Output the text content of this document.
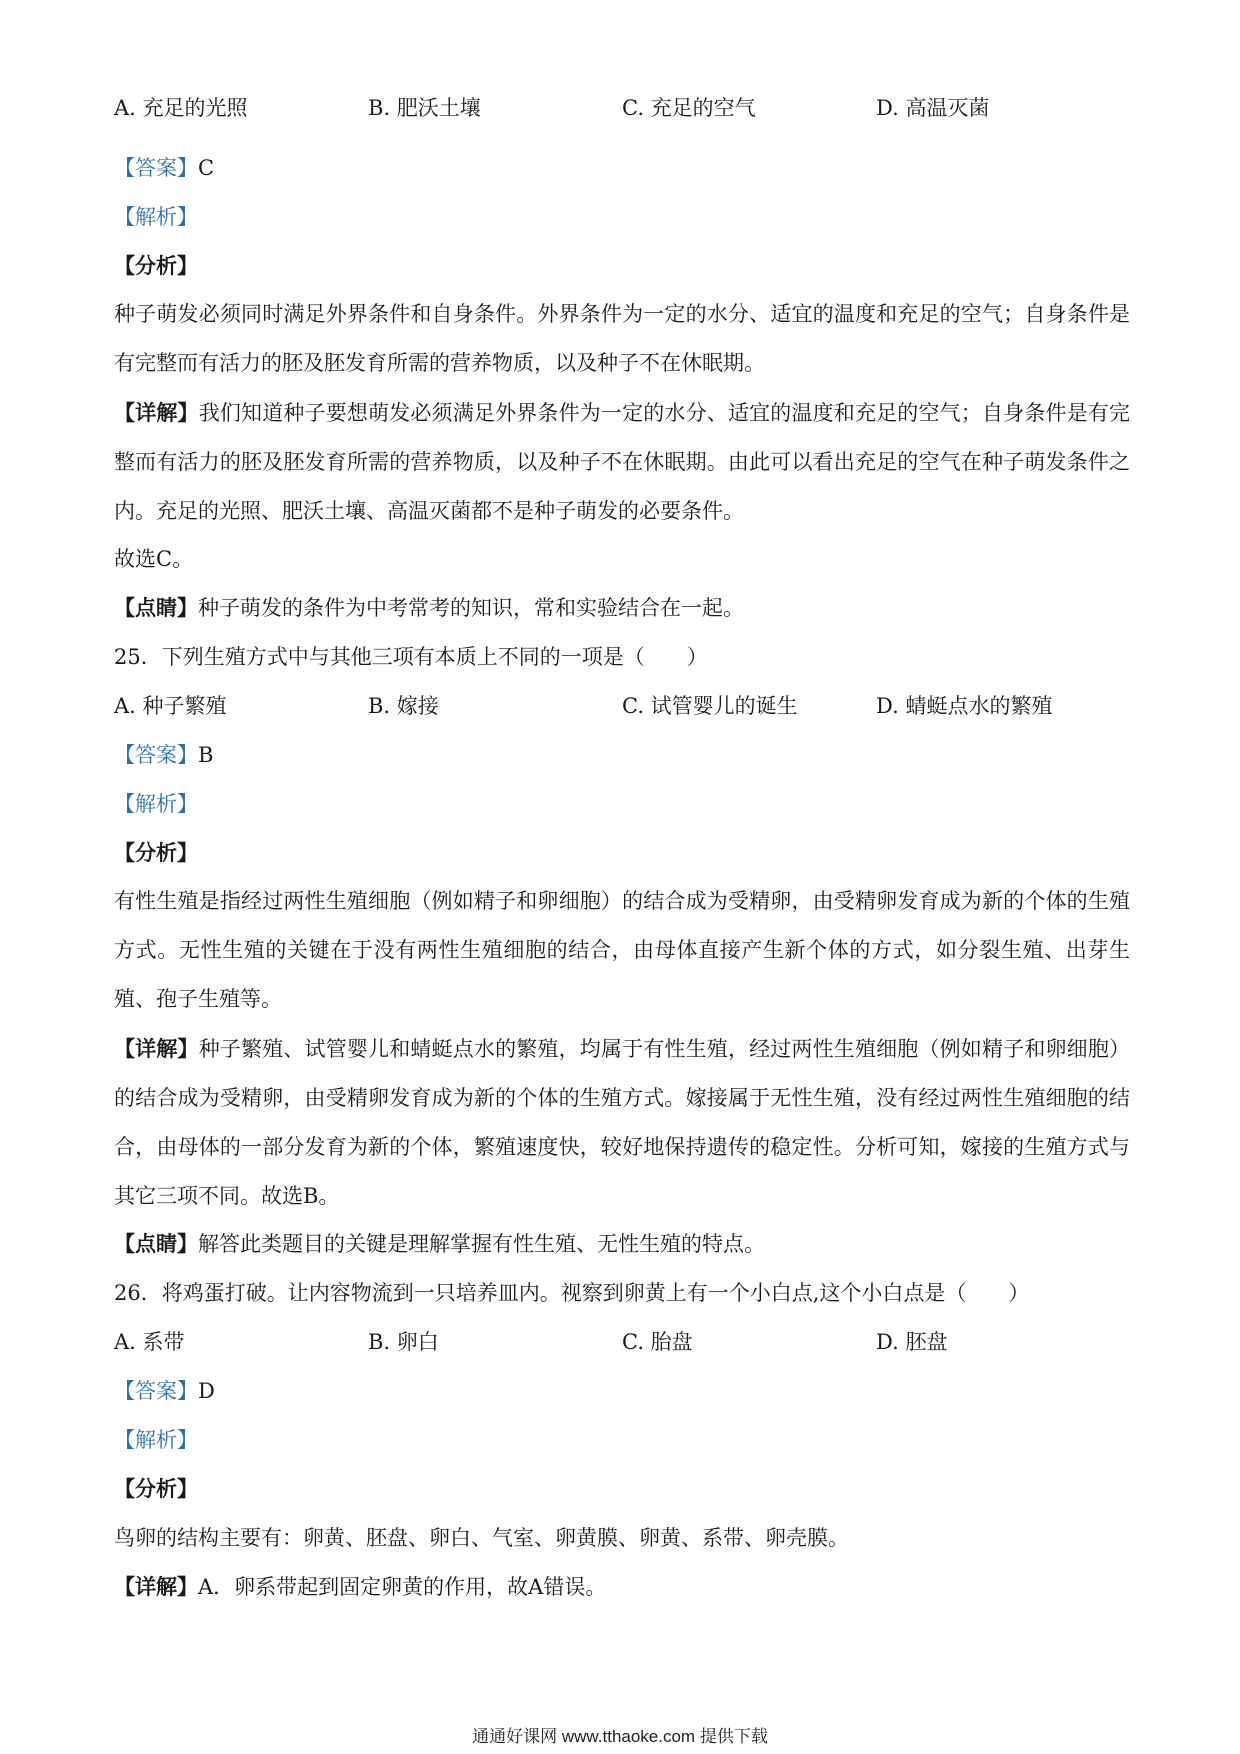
A. 充足的光照	B. 肥沃土壤	C. 充足的空气	D. 高温灭菌
【答案】C
【解析】
【分析】
种子萌发必须同时满足外界条件和自身条件。外界条件为一定的水分、适宜的温度和充足的空气；自身条件是有完整而有活力的胚及胚发育所需的营养物质，以及种子不在休眠期。
【详解】我们知道种子要想萌发必须满足外界条件为一定的水分、适宜的温度和充足的空气；自身条件是有完整而有活力的胚及胚发育所需的营养物质，以及种子不在休眠期。由此可以看出充足的空气在种子萌发条件之内。充足的光照、肥沃土壤、高温灭菌都不是种子萌发的必要条件。
故选C。
【点睛】种子萌发的条件为中考常考的知识，常和实验结合在一起。
25．下列生殖方式中与其他三项有本质上不同的一项是（　　）
A. 种子繁殖	B. 嫁接	C. 试管婴儿的诞生	D. 蜻蜓点水的繁殖
【答案】B
【解析】
【分析】
有性生殖是指经过两性生殖细胞（例如精子和卵细胞）的结合成为受精卵，由受精卵发育成为新的个体的生殖方式。无性生殖的关键在于没有两性生殖细胞的结合，由母体直接产生新个体的方式，如分裂生殖、出芽生殖、孢子生殖等。
【详解】种子繁殖、试管婴儿和蜻蜓点水的繁殖，均属于有性生殖，经过两性生殖细胞（例如精子和卵细胞）的结合成为受精卵，由受精卵发育成为新的个体的生殖方式。嫁接属于无性生殖，没有经过两性生殖细胞的结合，由母体的一部分发育为新的个体，繁殖速度快，较好地保持遗传的稳定性。分析可知，嫁接的生殖方式与其它三项不同。故选B。
【点睛】解答此类题目的关键是理解掌握有性生殖、无性生殖的特点。
26．将鸡蛋打破。让内容物流到一只培养皿内。视察到卵黄上有一个小白点,这个小白点是（　　）
A. 系带	B. 卵白	C. 胎盘	D. 胚盘
【答案】D
【解析】
【分析】
鸟卵的结构主要有：卵黄、胚盘、卵白、气室、卵黄膜、卵黄、系带、卵壳膜。
【详解】A．卵系带起到固定卵黄的作用，故A错误。
通通好课网 www.tthaoke.com 提供下载
